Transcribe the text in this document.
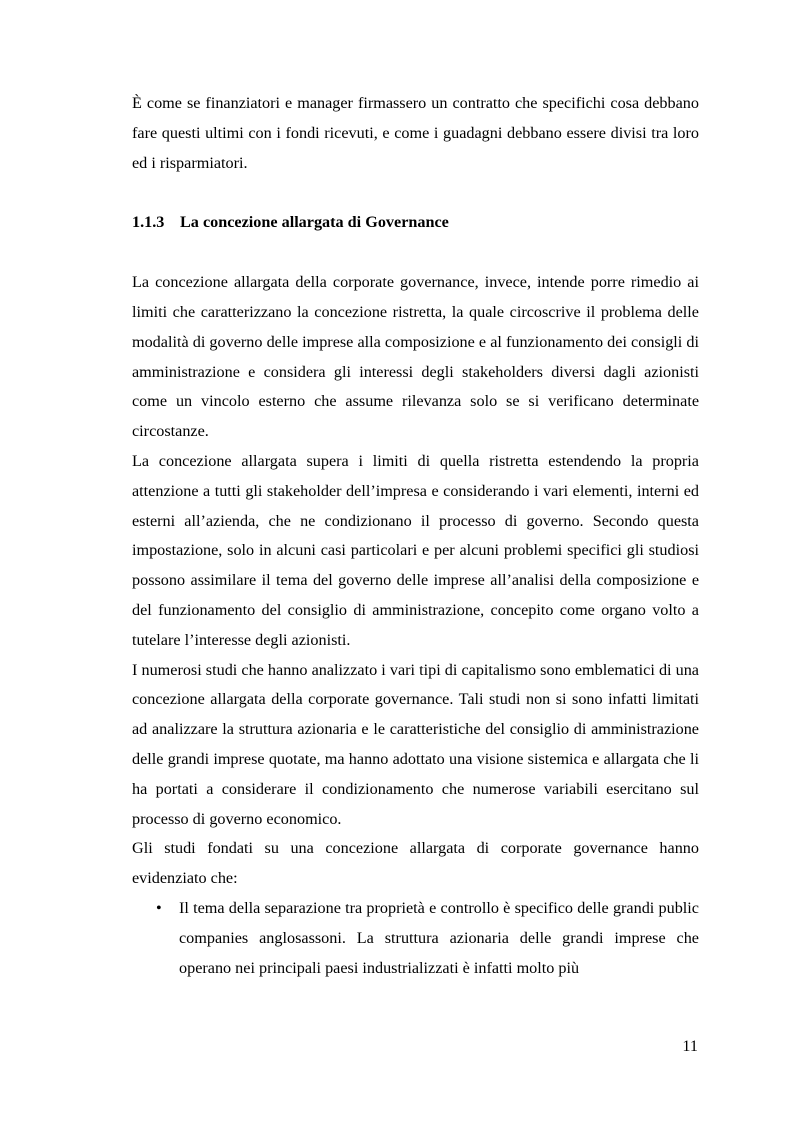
È come se finanziatori e manager firmassero un contratto che specifichi cosa debbano fare questi ultimi con i fondi ricevuti, e come i guadagni debbano essere divisi tra loro ed i risparmiatori.

1.1.3 La concezione allargata di Governance

La concezione allargata della corporate governance, invece, intende porre rimedio ai limiti che caratterizzano la concezione ristretta, la quale circoscrive il problema delle modalità di governo delle imprese alla composizione e al funzionamento dei consigli di amministrazione e considera gli interessi degli stakeholders diversi dagli azionisti come un vincolo esterno che assume rilevanza solo se si verificano determinate circostanze.

La concezione allargata supera i limiti di quella ristretta estendendo la propria attenzione a tutti gli stakeholder dell’impresa e considerando i vari elementi, interni ed esterni all’azienda, che ne condizionano il processo di governo. Secondo questa impostazione, solo in alcuni casi particolari e per alcuni problemi specifici gli studiosi possono assimilare il tema del governo delle imprese all’analisi della composizione e del funzionamento del consiglio di amministrazione, concepito come organo volto a tutelare l’interesse degli azionisti.

I numerosi studi che hanno analizzato i vari tipi di capitalismo sono emblematici di una concezione allargata della corporate governance. Tali studi non si sono infatti limitati ad analizzare la struttura azionaria e le caratteristiche del consiglio di amministrazione delle grandi imprese quotate, ma hanno adottato una visione sistemica e allargata che li ha portati a considerare il condizionamento che numerose variabili esercitano sul processo di governo economico.

Gli studi fondati su una concezione allargata di corporate governance hanno evidenziato che:

• Il tema della separazione tra proprietà e controllo è specifico delle grandi public companies anglosassoni. La struttura azionaria delle grandi imprese che operano nei principali paesi industrializzati è infatti molto più
11
